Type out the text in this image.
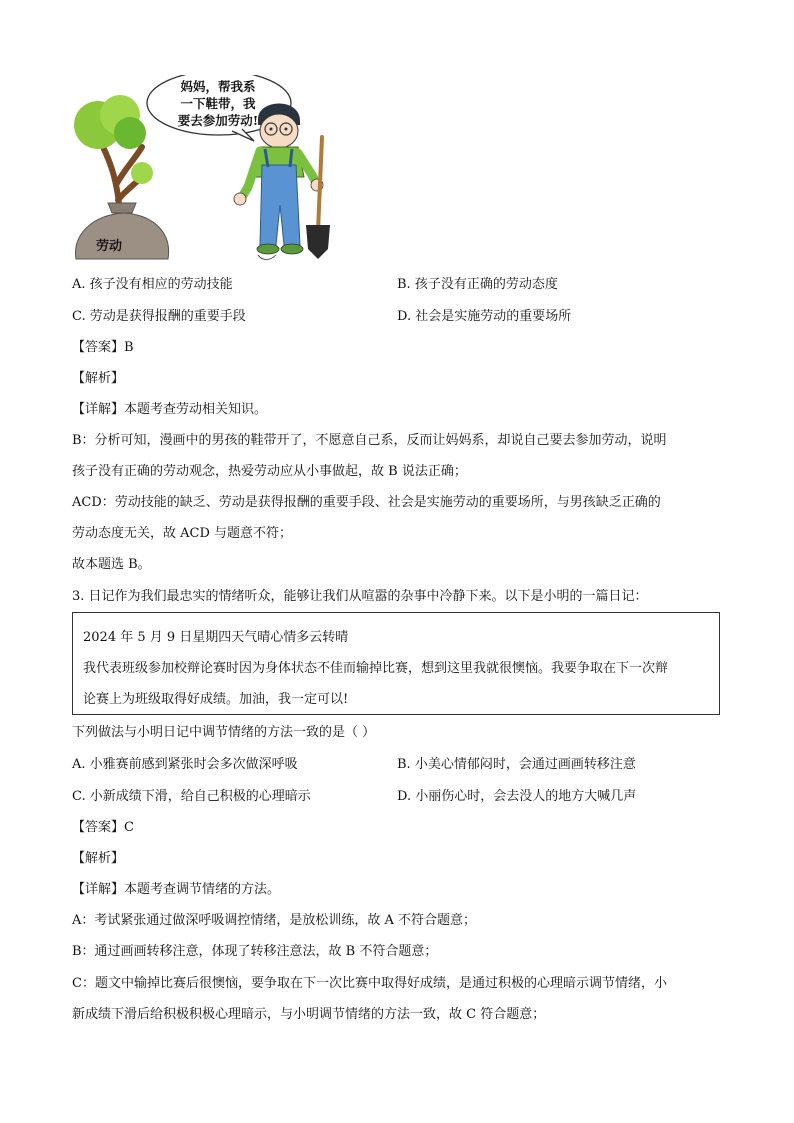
妈妈，帮我系
一下鞋带，我
要去参加劳动!
劳动
A. 孩子没有相应的劳动技能	B. 孩子没有正确的劳动态度
C. 劳动是获得报酬的重要手段	D. 社会是实施劳动的重要场所
【答案】B
【解析】
【详解】本题考查劳动相关知识。
B：分析可知，漫画中的男孩的鞋带开了，不愿意自己系，反而让妈妈系，却说自己要去参加劳动，说明
孩子没有正确的劳动观念，热爱劳动应从小事做起，故 B 说法正确；
ACD：劳动技能的缺乏、劳动是获得报酬的重要手段、社会是实施劳动的重要场所，与男孩缺乏正确的
劳动态度无关，故 ACD 与题意不符；
故本题选 B。
3. 日记作为我们最忠实的情绪听众，能够让我们从喧嚣的杂事中冷静下来。以下是小明的一篇日记：
2024 年 5 月 9 日星期四天气晴心情多云转晴
我代表班级参加校辩论赛时因为身体状态不佳而输掉比赛，想到这里我就很懊恼。我要争取在下一次辩
论赛上为班级取得好成绩。加油，我一定可以!
下列做法与小明日记中调节情绪的方法一致的是（ ）
A. 小雅赛前感到紧张时会多次做深呼吸	B. 小美心情郁闷时，会通过画画转移注意
C. 小新成绩下滑，给自己积极的心理暗示	D. 小丽伤心时，会去没人的地方大喊几声
【答案】C
【解析】
【详解】本题考查调节情绪的方法。
A：考试紧张通过做深呼吸调控情绪，是放松训练，故 A 不符合题意；
B：通过画画转移注意，体现了转移注意法，故 B 不符合题意；
C：题文中输掉比赛后很懊恼，要争取在下一次比赛中取得好成绩，是通过积极的心理暗示调节情绪，小
新成绩下滑后给积极积极心理暗示，与小明调节情绪的方法一致，故 C 符合题意；
